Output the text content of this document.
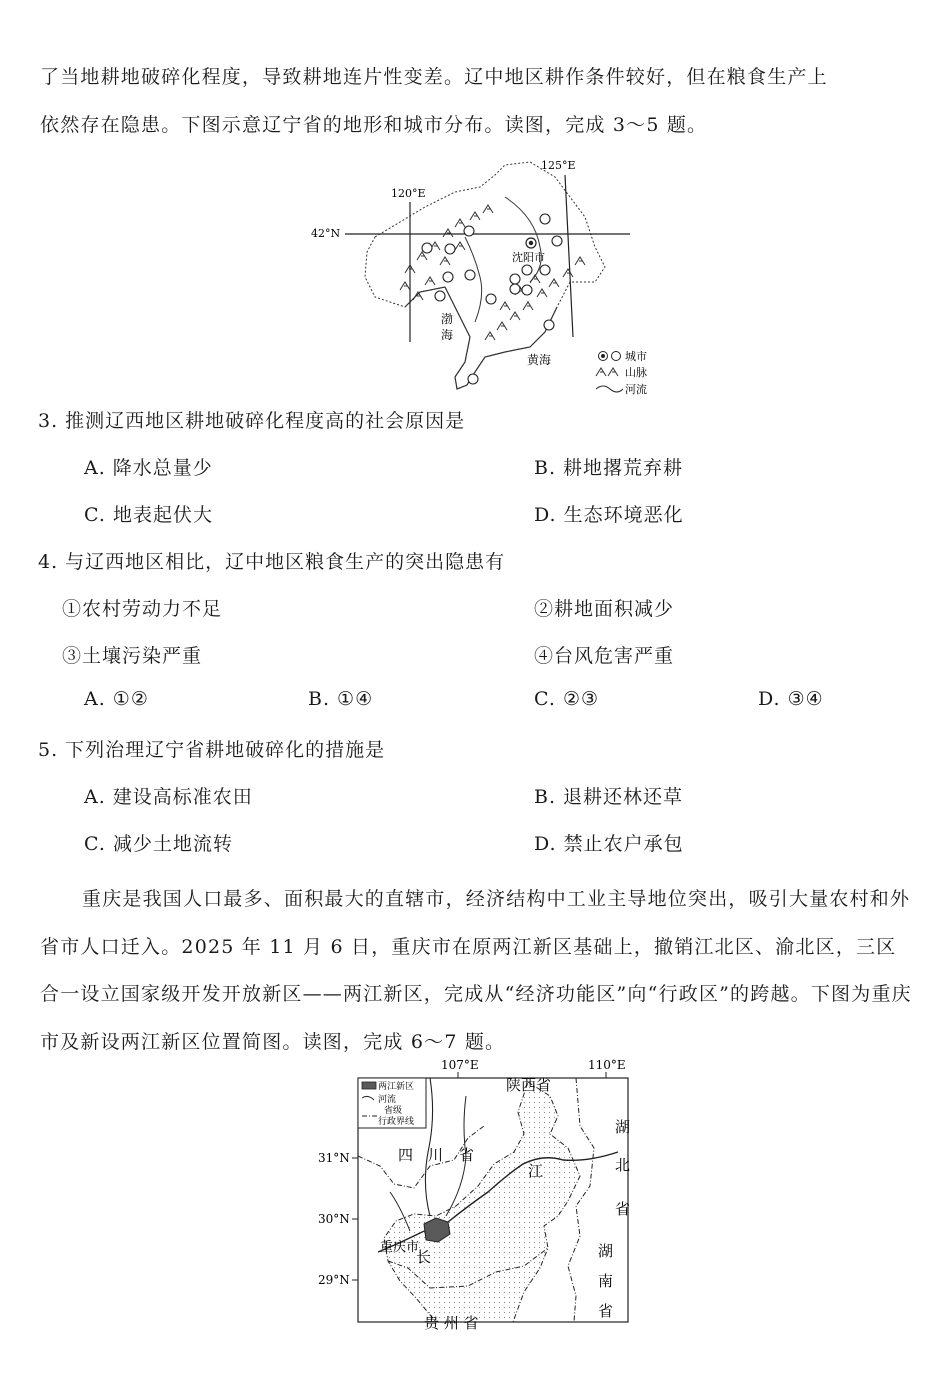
了当地耕地破碎化程度，导致耕地连片性变差。辽中地区耕作条件较好，但在粮食生产上
依然存在隐患。下图示意辽宁省的地形和城市分布。读图，完成 3～5 题。
120°E
125°E
42°N
沈阳市
渤
海
黄海	城市
山脉
河流
3. 推测辽西地区耕地破碎化程度高的社会原因是
A. 降水总量少	B. 耕地撂荒弃耕
C. 地表起伏大	D. 生态环境恶化
4. 与辽西地区相比，辽中地区粮食生产的突出隐患有
①农村劳动力不足	②耕地面积减少
③土壤污染严重	④台风危害严重
A. ①②	B. ①④	C. ②③	D. ③④
5. 下列治理辽宁省耕地破碎化的措施是
A. 建设高标准农田	B. 退耕还林还草
C. 减少土地流转	D. 禁止农户承包
重庆是我国人口最多、面积最大的直辖市，经济结构中工业主导地位突出，吸引大量农村和外省市人口迁入。2025 年 11 月 6 日，重庆市在原两江新区基础上，撤销江北区、渝北区，三区合一设立国家级开发开放新区——两江新区，完成从“经济功能区”向“行政区”的跨越。下图为重庆市及新设两江新区位置简图。读图，完成 6～7 题。
107°E	110°E
31°N
30°N
29°N
两江新区
河流
省级
行政界线
陕西省
四 川 省
湖
北
省
湖
南
省
江
长
重庆市
贵 州 省
